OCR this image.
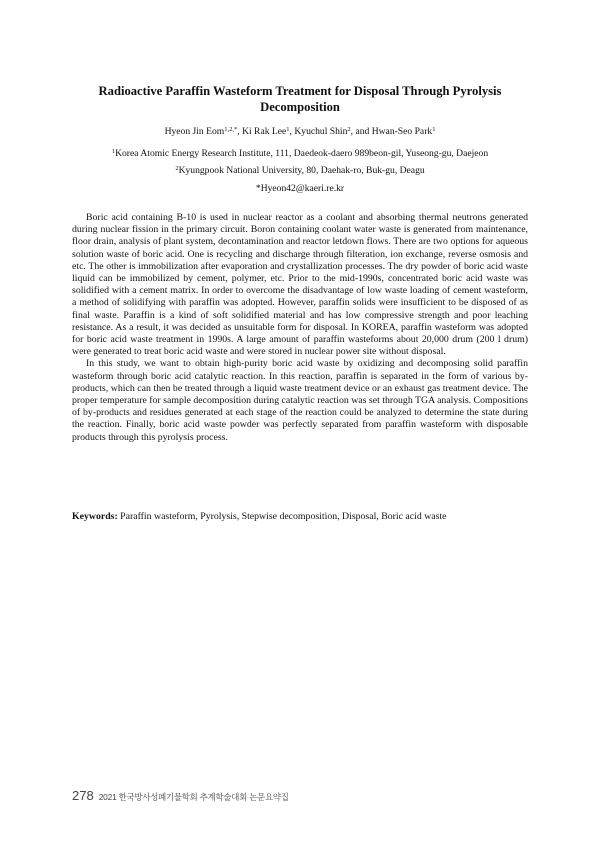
Radioactive Paraffin Wasteform Treatment for Disposal Through Pyrolysis Decomposition
Hyeon Jin Eom$^{1,2,*}$, Ki Rak Lee$^1$, Kyuchul Shin$^2$, and Hwan-Seo Park$^1$
$^1$Korea Atomic Energy Research Institute, 111, Daedeok-daero 989beon-gil, Yuseong-gu, Daejeon
$^2$Kyungpook National University, 80, Daehak-ro, Buk-gu, Deagu
*Hyeon42@kaeri.re.kr

Boric acid containing B-10 is used in nuclear reactor as a coolant and absorbing thermal neutrons generated during nuclear fission in the primary circuit. Boron containing coolant water waste is generated from maintenance, floor drain, analysis of plant system, decontamination and reactor letdown flows. There are two options for aqueous solution waste of boric acid. One is recycling and discharge through filteration, ion exchange, reverse osmosis and etc. The other is immobilization after evaporation and crystallization processes. The dry powder of boric acid waste liquid can be immobilized by cement, polymer, etc. Prior to the mid-1990s, concentrated boric acid waste was solidified with a cement matrix. In order to overcome the disadvantage of low waste loading of cement wasteform, a method of solidifying with paraffin was adopted. However, paraffin solids were insufficient to be disposed of as final waste. Paraffin is a kind of soft solidified material and has low compressive strength and poor leaching resistance. As a result, it was decided as unsuitable form for disposal. In KOREA, paraffin wasteform was adopted for boric acid waste treatment in 1990s. A large amount of paraffin wasteforms about 20,000 drum (200 l drum) were generated to treat boric acid waste and were stored in nuclear power site without disposal.

In this study, we want to obtain high-purity boric acid waste by oxidizing and decomposing solid paraffin wasteform through boric acid catalytic reaction. In this reaction, paraffin is separated in the form of various by-products, which can then be treated through a liquid waste treatment device or an exhaust gas treatment device. The proper temperature for sample decomposition during catalytic reaction was set through TGA analysis. Compositions of by-products and residues generated at each stage of the reaction could be analyzed to determine the state during the reaction. Finally, boric acid waste powder was perfectly separated from paraffin wasteform with disposable products through this pyrolysis process.

Keywords: Paraffin wasteform, Pyrolysis, Stepwise decomposition, Disposal, Boric acid waste
278 2021 한국방사성폐기물학회 추계학술대회 논문요약집
